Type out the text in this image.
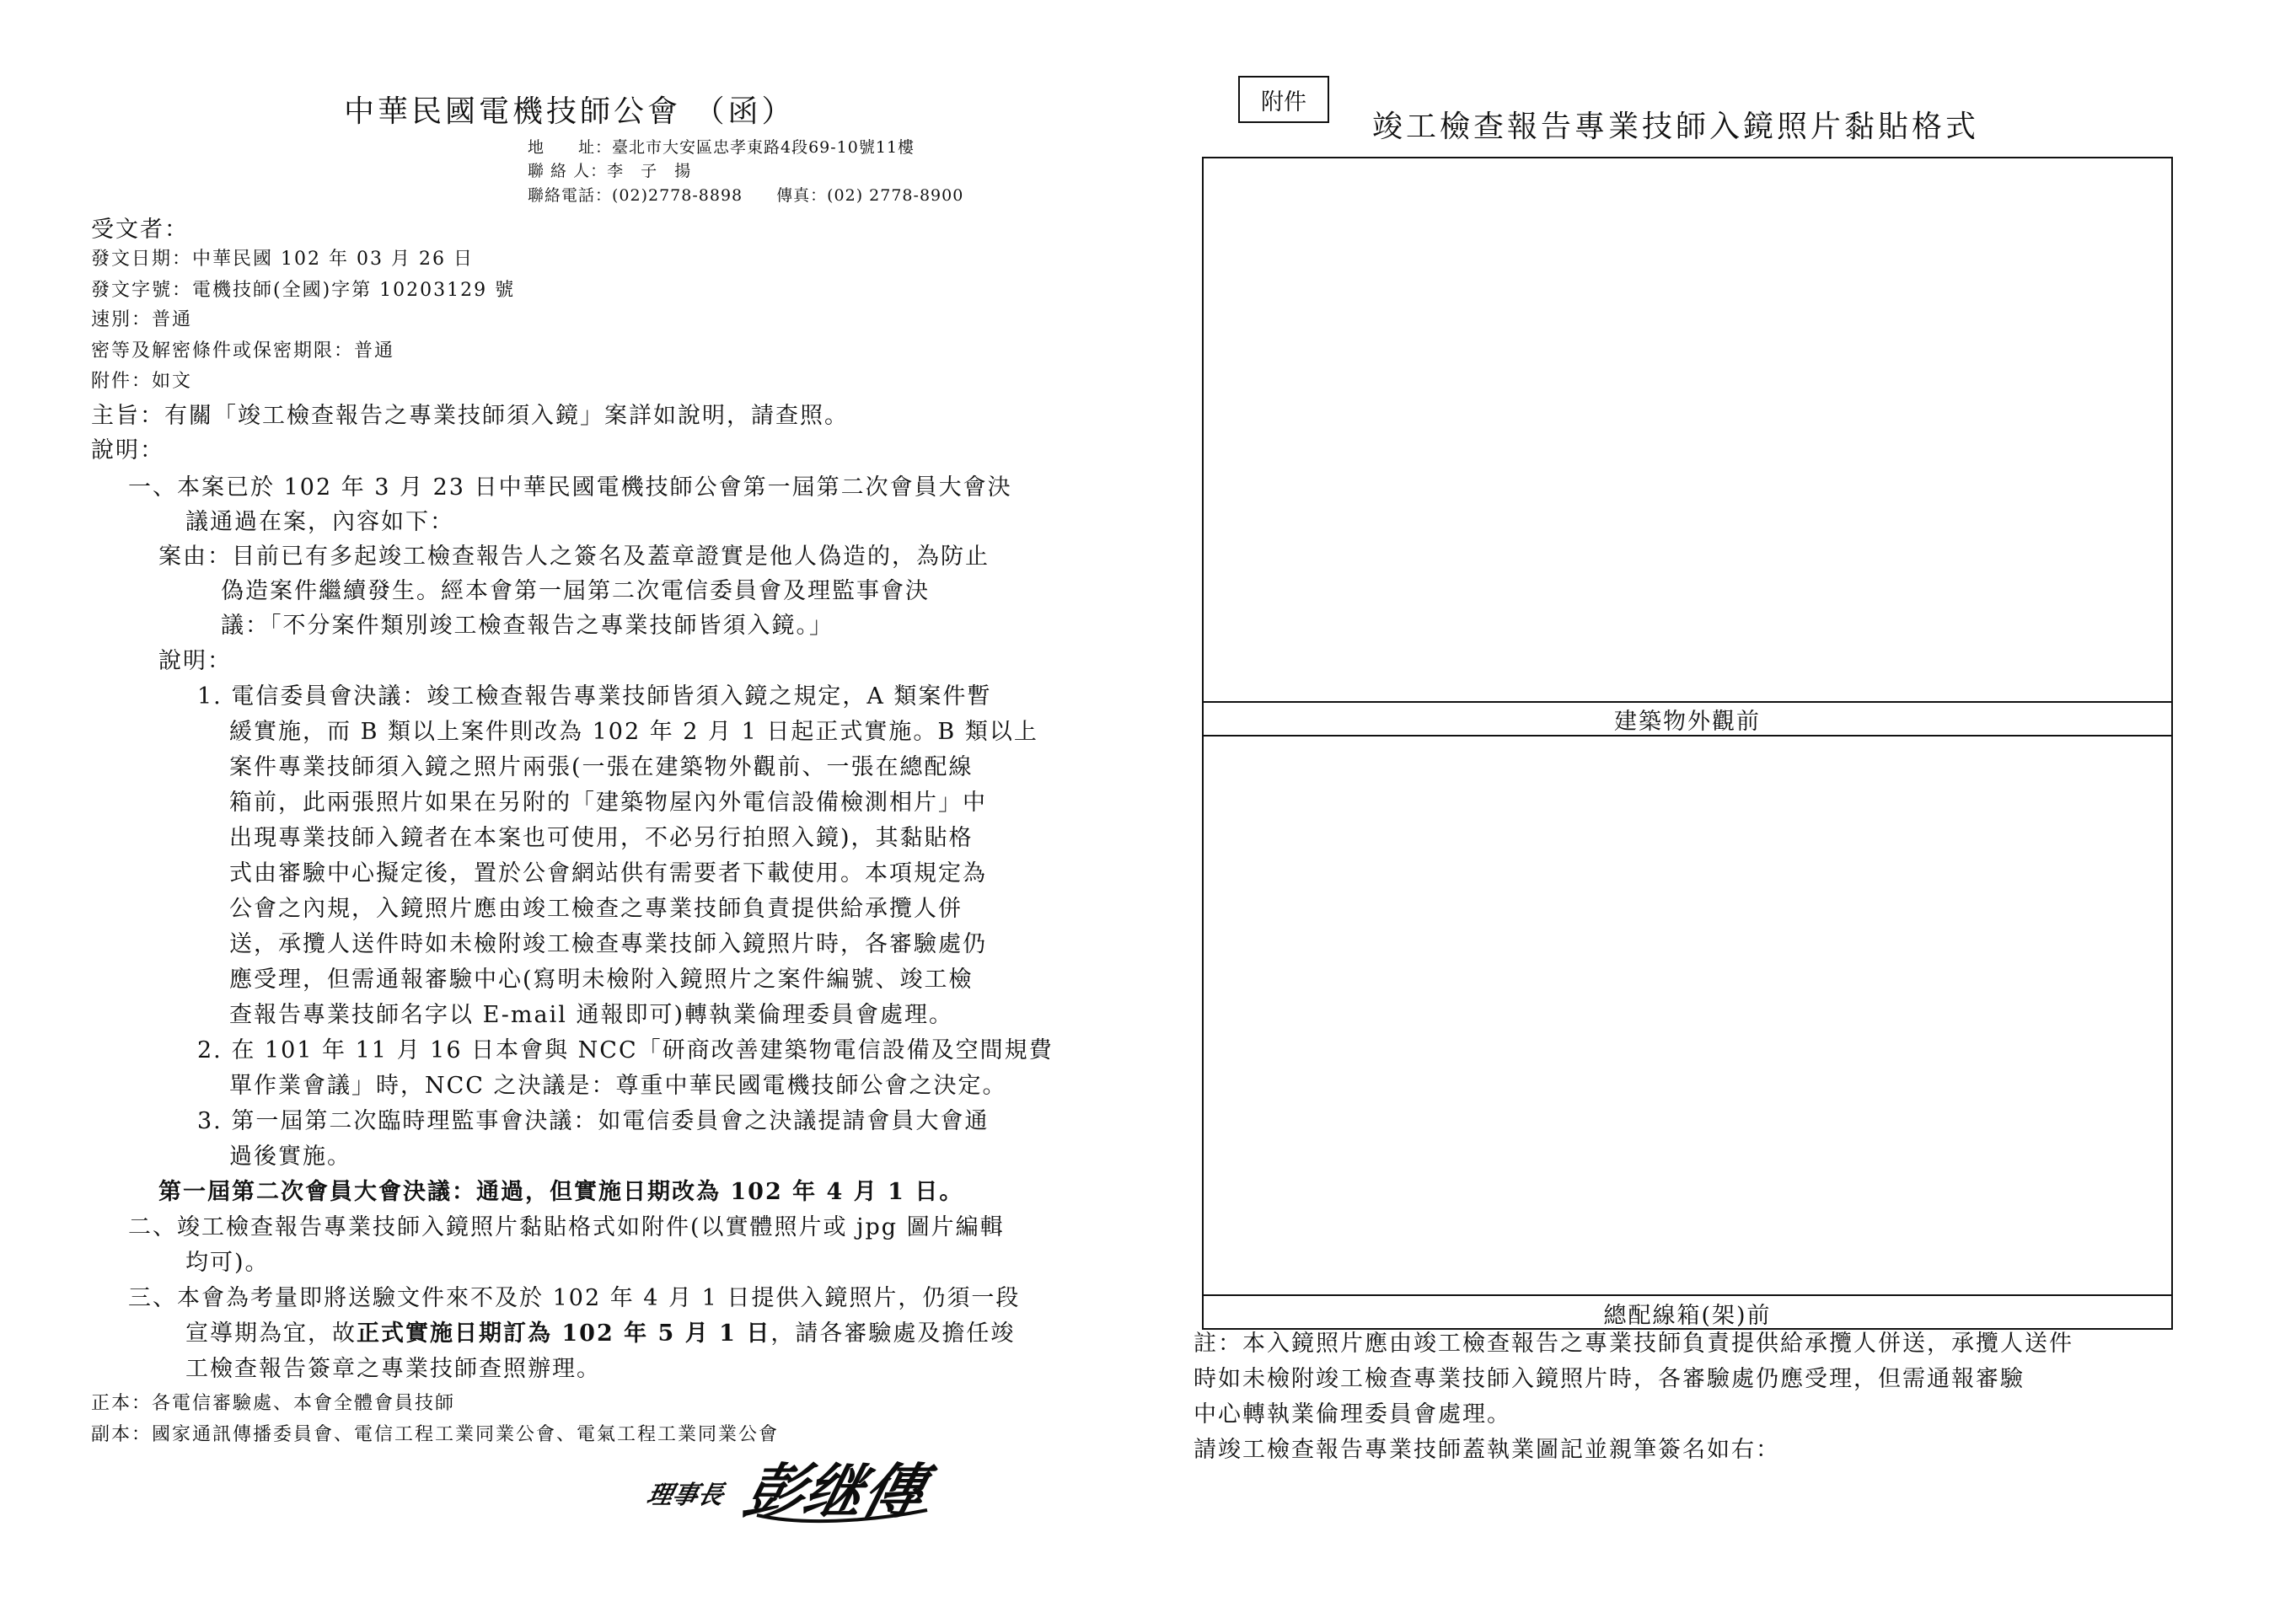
中華民國電機技師公會 （函）
地　　址：臺北市大安區忠孝東路4段69-10號11樓
聯 絡 人：李　子　揚
聯絡電話：(02)2778-8898　　傳真：(02) 2778-8900
受文者：
發文日期：中華民國 102 年 03 月 26 日
發文字號：電機技師(全國)字第 10203129 號
速別：普通
密等及解密條件或保密期限：普通
附件：如文
主旨：有關「竣工檢查報告之專業技師須入鏡」案詳如說明，請查照。
說明：
一、本案已於 102 年 3 月 23 日中華民國電機技師公會第一屆第二次會員大會決
議通過在案，內容如下：
案由：目前已有多起竣工檢查報告人之簽名及蓋章證實是他人偽造的，為防止
偽造案件繼續發生。經本會第一屆第二次電信委員會及理監事會決
議：「不分案件類別竣工檢查報告之專業技師皆須入鏡。」
說明：
1. 電信委員會決議：竣工檢查報告專業技師皆須入鏡之規定，A 類案件暫
緩實施，而 B 類以上案件則改為 102 年 2 月 1 日起正式實施。B 類以上
案件專業技師須入鏡之照片兩張(一張在建築物外觀前、一張在總配線
箱前，此兩張照片如果在另附的「建築物屋內外電信設備檢測相片」中
出現專業技師入鏡者在本案也可使用，不必另行拍照入鏡)，其黏貼格
式由審驗中心擬定後，置於公會網站供有需要者下載使用。本項規定為
公會之內規，入鏡照片應由竣工檢查之專業技師負責提供給承攬人併
送，承攬人送件時如未檢附竣工檢查專業技師入鏡照片時，各審驗處仍
應受理，但需通報審驗中心(寫明未檢附入鏡照片之案件編號、竣工檢
查報告專業技師名字以 E-mail 通報即可)轉執業倫理委員會處理。
2. 在 101 年 11 月 16 日本會與 NCC「研商改善建築物電信設備及空間規費
單作業會議」時，NCC 之決議是：尊重中華民國電機技師公會之決定。
3. 第一屆第二次臨時理監事會決議：如電信委員會之決議提請會員大會通
過後實施。
第一屆第二次會員大會決議：通過，但實施日期改為 102 年 4 月 1 日。
二、竣工檢查報告專業技師入鏡照片黏貼格式如附件(以實體照片或 jpg 圖片編輯
均可)。
三、本會為考量即將送驗文件來不及於 102 年 4 月 1 日提供入鏡照片，仍須一段
宣導期為宜，故正式實施日期訂為 102 年 5 月 1 日，請各審驗處及擔任竣
工檢查報告簽章之專業技師查照辦理。
正本：各電信審驗處、本會全體會員技師
副本：國家通訊傳播委員會、電信工程工業同業公會、電氣工程工業同業公會
理事長 彭继傳
附件
竣工檢查報告專業技師入鏡照片黏貼格式
建築物外觀前
總配線箱(架)前
註：本入鏡照片應由竣工檢查報告之專業技師負責提供給承攬人併送，承攬人送件
時如未檢附竣工檢查專業技師入鏡照片時，各審驗處仍應受理，但需通報審驗
中心轉執業倫理委員會處理。
請竣工檢查報告專業技師蓋執業圖記並親筆簽名如右：
